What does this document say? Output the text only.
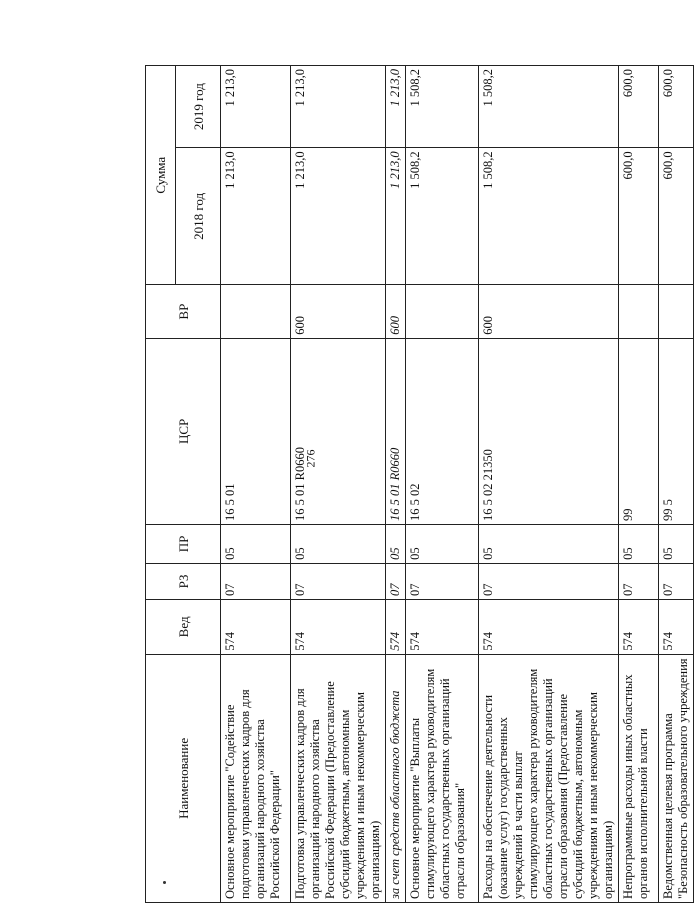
276
Наименование	Вед	РЗ	ПР	ЦСР	ВР	Сумма	
						2018 год	2019 год
Основное мероприятие "Содействие подготовки управленческих кадров для организаций народного хозяйства Российской Федерации"	574	07	05	16 5 01		1 213,0	1 213,0
Подготовка управленческих кадров для организаций народного хозяйства Российской Федерации (Предоставление субсидий бюджетным, автономным учреждениям и иным некоммерческим организациям)	574	07	05	16 5 01 R0660	600	1 213,0	1 213,0
за счет средств областного бюджета	574	07	05	16 5 01 R0660	600	1 213,0	1 213,0
Основное мероприятие "Выплаты стимулирующего характера руководителям областных государственных организаций отрасли образования"	574	07	05	16 5 02		1 508,2	1 508,2
Расходы на обеспечение деятельности (оказание услуг) государственных учреждений в части выплат стимулирующего характера руководителям областных государственных организаций отрасли образования (Предоставление субсидий бюджетным, автономным учреждениям и иным некоммерческим организациям)	574	07	05	16 5 02 21350	600	1 508,2	1 508,2
Непрограммные расходы иных областных органов исполнительной власти	574	07	05	99		600,0	600,0
Ведомственная целевая программа "Безопасность образовательного учреждения	574	07	05	99 5		600,0	600,0
